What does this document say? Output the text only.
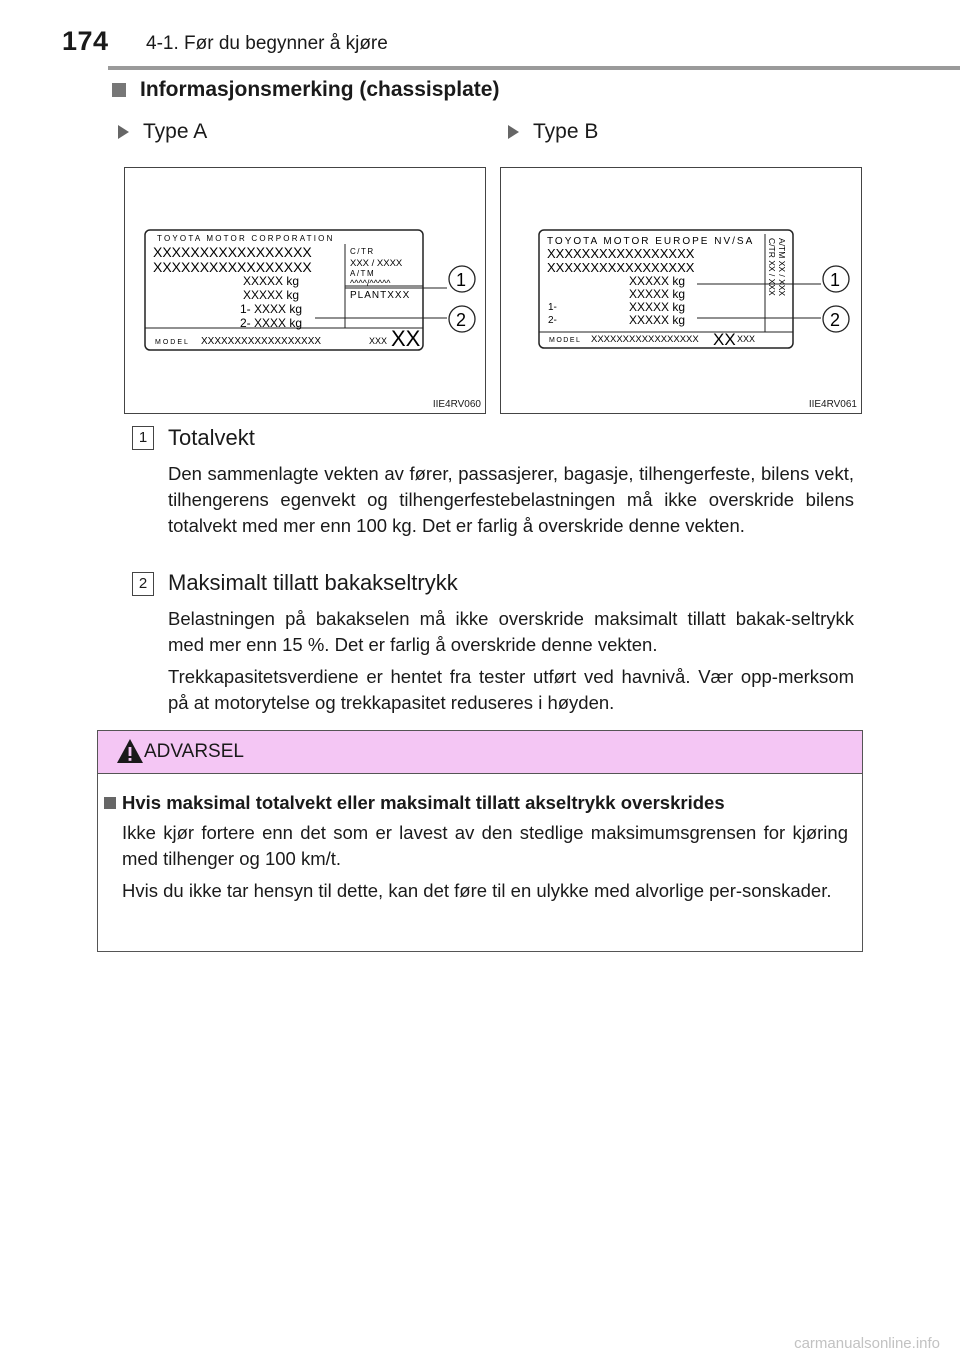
174 4-1. Før du begynner å kjøre
Informasjonsmerking (chassisplate)
Type A	Type B
TOYOTA MOTOR CORPORATION
XXXXXXXXXXXXXXXXX
XXXXXXXXXXXXXXXXX
XXXXX kg
XXXXX kg
1- XXXX kg
2- XXXX kg
C/TR
XXX / XXXX
A/TM
^^^^/^^^^^
PLANTXXX
MODEL XXXXXXXXXXXXXXXXXX	XXX XX
1
2
IIE4RV060
TOYOTA MOTOR EUROPE NV/SA
XXXXXXXXXXXXXXXXX
XXXXXXXXXXXXXXXXX
XXXXX kg
XXXXX kg
1-	XXXXX kg
2-	XXXXX kg
C/TR XX / XXX A/TM XX / XXX
MODEL XXXXXXXXXXXXXXXXX XX XXX
1
2
IIE4RV061
1 Totalvekt
Den sammenlagte vekten av fører, passasjerer, bagasje, tilhengerfeste, bilens vekt, tilhengerens egenvekt og tilhengerfestebelastningen må ikke overskride bilens totalvekt med mer enn 100 kg. Det er farlig å overskride denne vekten.
2 Maksimalt tillatt bakakseltrykk
Belastningen på bakakselen må ikke overskride maksimalt tillatt bakak-seltrykk med mer enn 15 %. Det er farlig å overskride denne vekten.
Trekkapasitetsverdiene er hentet fra tester utført ved havnivå. Vær opp-merksom på at motorytelse og trekkapasitet reduseres i høyden.
ADVARSEL
Hvis maksimal totalvekt eller maksimalt tillatt akseltrykk overskrides
Ikke kjør fortere enn det som er lavest av den stedlige maksimumsgrensen for kjøring med tilhenger og 100 km/t.
Hvis du ikke tar hensyn til dette, kan det føre til en ulykke med alvorlige per-sonskader.
carmanualsonline.info
